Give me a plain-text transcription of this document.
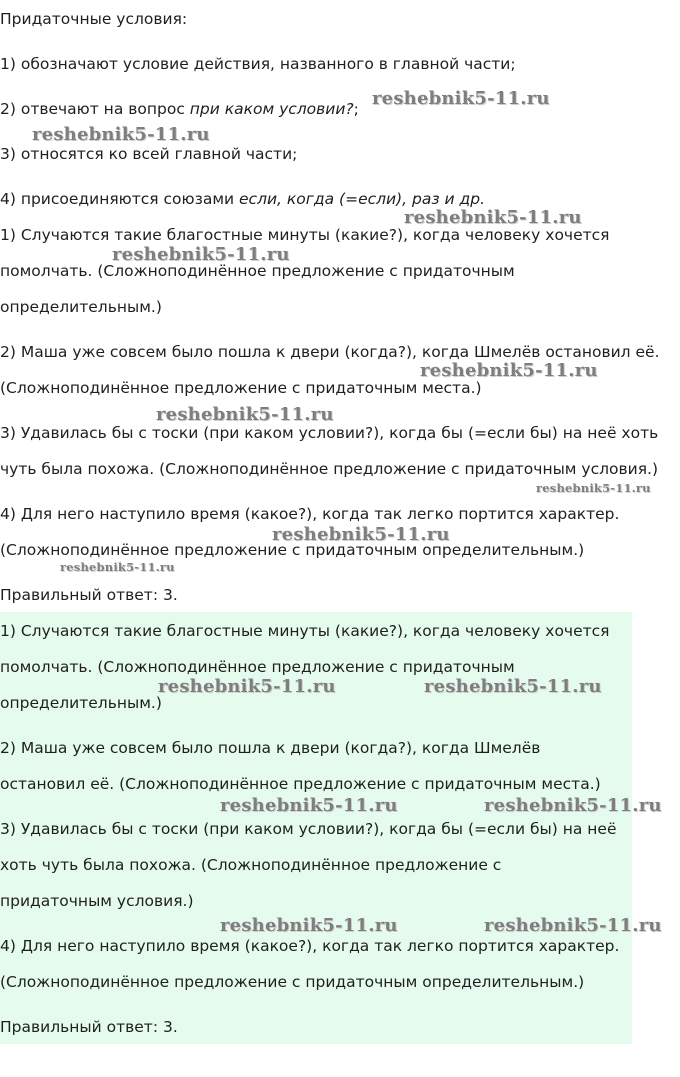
Придаточные условия:
1) обозначают условие действия, названного в главной части;
2) отвечают на вопрос при каком условии?;
3) относятся ко всей главной части;
4) присоединяются союзами если, когда (=если), раз и др.
1) Случаются такие благостные минуты (какие?), когда человеку хочется
помолчать. (Сложноподинённое предложение с придаточным
определительным.)
2) Маша уже совсем было пошла к двери (когда?), когда Шмелёв остановил её.
(Сложноподинённое предложение с придаточным места.)
3) Удавилась бы с тоски (при каком условии?), когда бы (=если бы) на неё хоть
чуть была похожа. (Сложноподинённое предложение с придаточным условия.)
4) Для него наступило время (какое?), когда так легко портится характер.
(Сложноподинённое предложение с придаточным определительным.)
Правильный ответ: 3.
1) Случаются такие благостные минуты (какие?), когда человеку хочется
помолчать. (Сложноподинённое предложение с придаточным
определительным.)
2) Маша уже совсем было пошла к двери (когда?), когда Шмелёв
остановил её. (Сложноподинённое предложение с придаточным места.)
3) Удавилась бы с тоски (при каком условии?), когда бы (=если бы) на неё
хоть чуть была похожа. (Сложноподинённое предложение с
придаточным условия.)
4) Для него наступило время (какое?), когда так легко портится характер.
(Сложноподинённое предложение с придаточным определительным.)
Правильный ответ: 3.
reshebnik5-11.ru
reshebnik5-11.ru
reshebnik5-11.ru
reshebnik5-11.ru
reshebnik5-11.ru
reshebnik5-11.ru
reshebnik5-11.ru
reshebnik5-11.ru
reshebnik5-11.ru
reshebnik5-11.ru	reshebnik5-11.ru
reshebnik5-11.ru	reshebnik5-11.ru
reshebnik5-11.ru	reshebnik5-11.ru
